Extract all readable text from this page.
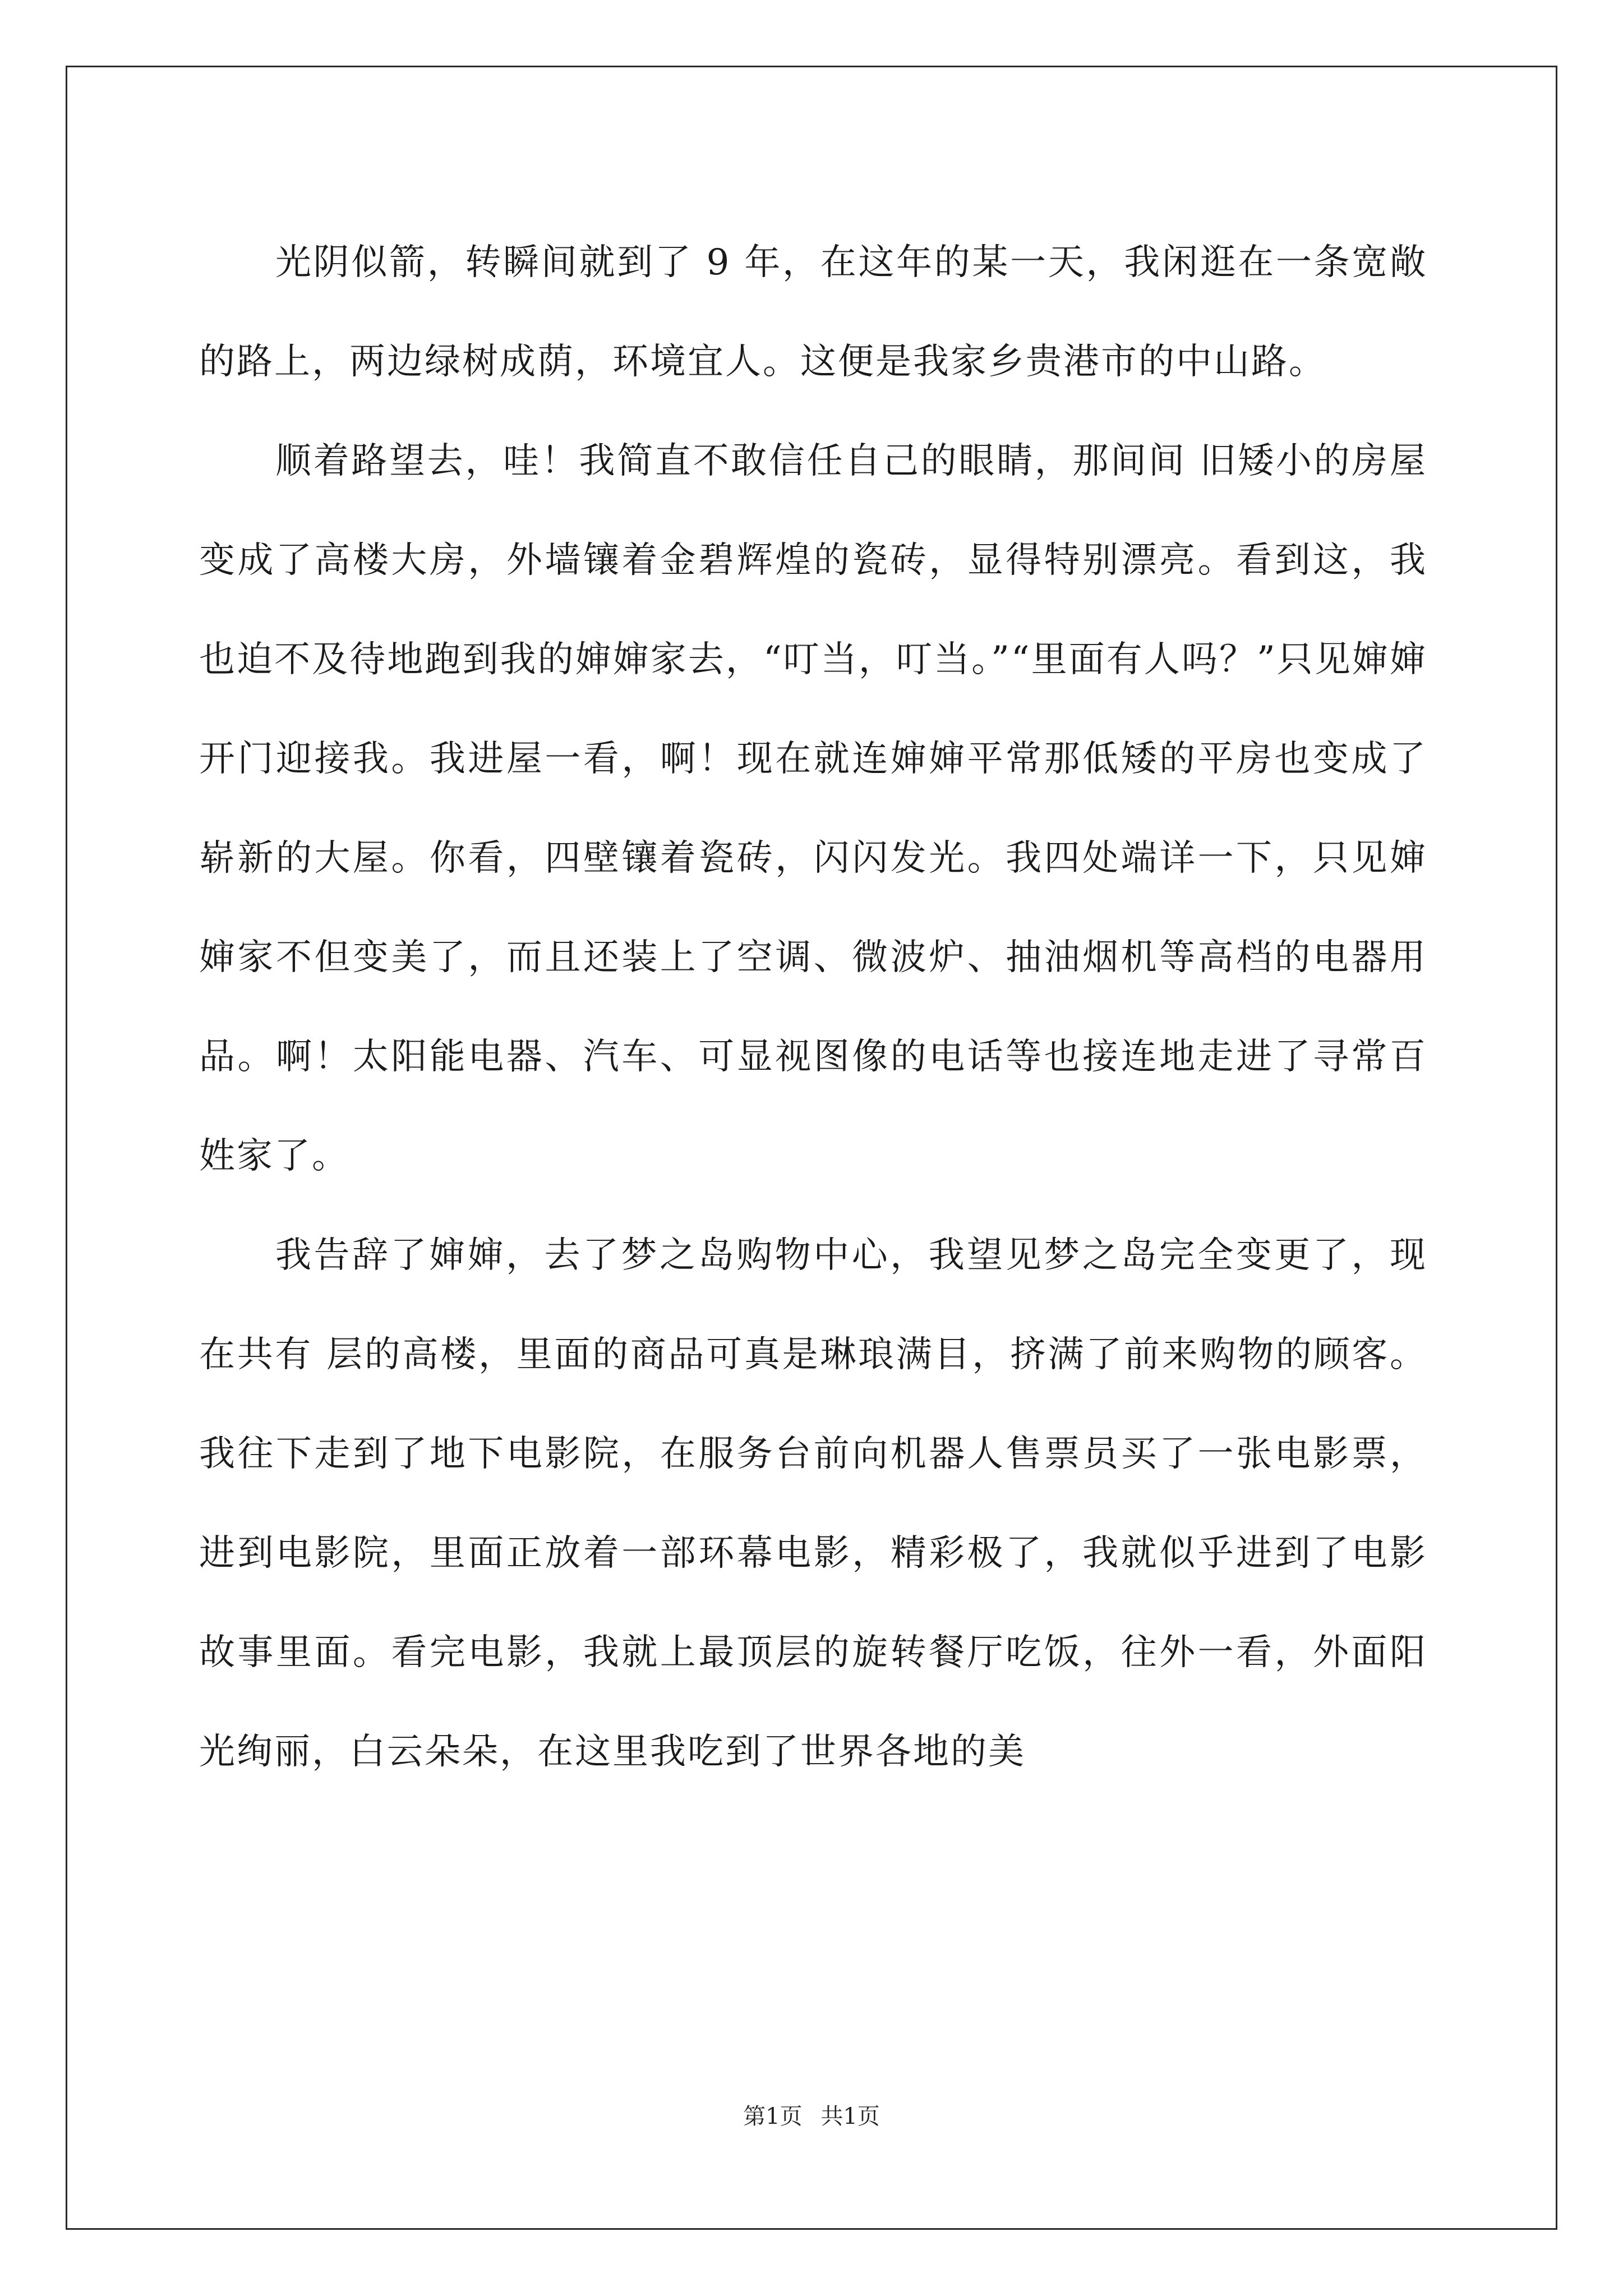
光阴似箭，转瞬间就到了 9 年，在这年的某一天，我闲逛在一条宽敞的路上，两边绿树成荫，环境宜人。这便是我家乡贵港市的中山路。

顺着路望去，哇！我简直不敢信任自己的眼睛，那间间 旧矮小的房屋变成了高楼大房，外墙镶着金碧辉煌的瓷砖，显得特别漂亮。看到这，我也迫不及待地跑到我的婶婶家去，“叮当，叮当。”“里面有人吗？”只见婶婶开门迎接我。我进屋一看，啊！现在就连婶婶平常那低矮的平房也变成了崭新的大屋。你看，四壁镶着瓷砖，闪闪发光。我四处端详一下，只见婶婶家不但变美了，而且还装上了空调、微波炉、抽油烟机等高档的电器用品。啊！太阳能电器、汽车、可显视图像的电话等也接连地走进了寻常百姓家了。

我告辞了婶婶，去了梦之岛购物中心，我望见梦之岛完全变更了，现在共有 层的高楼，里面的商品可真是琳琅满目，挤满了前来购物的顾客。我往下走到了地下电影院，在服务台前向机器人售票员买了一张电影票，进到电影院，里面正放着一部环幕电影，精彩极了，我就似乎进到了电影故事里面。看完电影，我就上最顶层的旋转餐厅吃饭，往外一看，外面阳光绚丽，白云朵朵，在这里我吃到了世界各地的美

第1页 共1页
